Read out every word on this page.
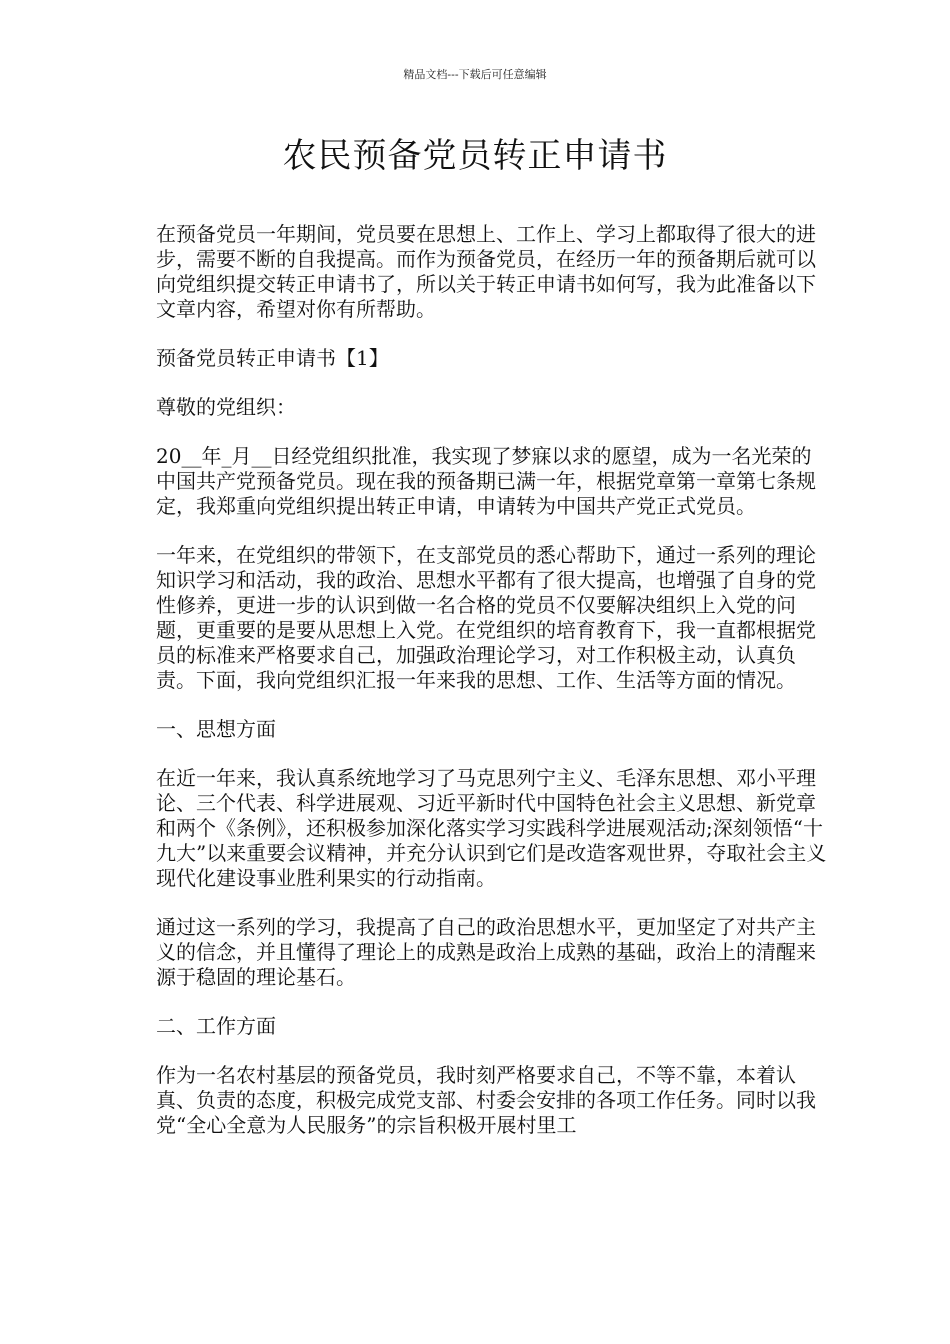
精品文档---下载后可任意编辑
农民预备党员转正申请书

在预备党员一年期间，党员要在思想上、工作上、学习上都取得了很大的进步，需要不断的自我提高。而作为预备党员，在经历一年的预备期后就可以向党组织提交转正申请书了，所以关于转正申请书如何写，我为此准备以下文章内容，希望对你有所帮助。

预备党员转正申请书【1】

尊敬的党组织：

20__年_月__日经党组织批准，我实现了梦寐以求的愿望，成为一名光荣的中国共产党预备党员。现在我的预备期已满一年，根据党章第一章第七条规定，我郑重向党组织提出转正申请，申请转为中国共产党正式党员。

一年来，在党组织的带领下，在支部党员的悉心帮助下，通过一系列的理论知识学习和活动，我的政治、思想水平都有了很大提高，也增强了自身的党性修养，更进一步的认识到做一名合格的党员不仅要解决组织上入党的问题，更重要的是要从思想上入党。在党组织的培育教育下，我一直都根据党员的标准来严格要求自己，加强政治理论学习，对工作积极主动，认真负责。下面，我向党组织汇报一年来我的思想、工作、生活等方面的情况。

一、思想方面

在近一年来，我认真系统地学习了马克思列宁主义、毛泽东思想、邓小平理论、三个代表、科学进展观、习近平新时代中国特色社会主义思想、新党章和两个《条例》，还积极参加深化落实学习实践科学进展观活动;深刻领悟“十九大”以来重要会议精神，并充分认识到它们是改造客观世界，夺取社会主义现代化建设事业胜利果实的行动指南。

通过这一系列的学习，我提高了自己的政治思想水平，更加坚定了对共产主义的信念，并且懂得了理论上的成熟是政治上成熟的基础，政治上的清醒来源于稳固的理论基石。

二、工作方面

作为一名农村基层的预备党员，我时刻严格要求自己，不等不靠，本着认真、负责的态度，积极完成党支部、村委会安排的各项工作任务。同时以我党“全心全意为人民服务”的宗旨积极开展村里工
